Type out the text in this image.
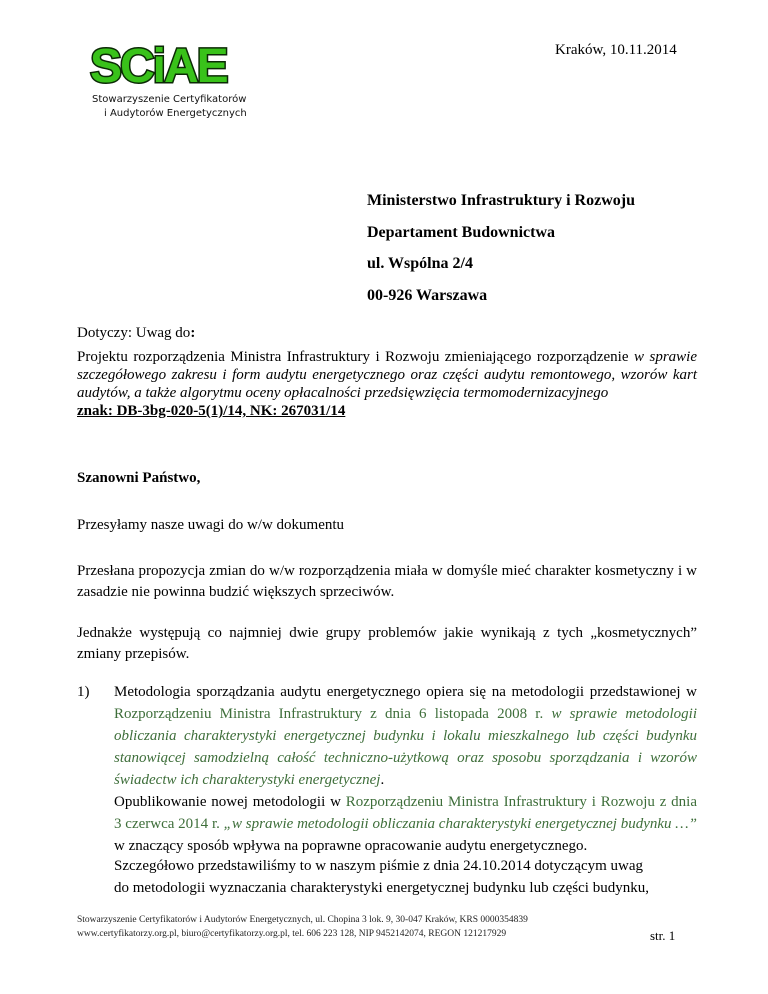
SCiAE
Stowarzyszenie Certyfikatorów
i Audytorów Energetycznych
Kraków, 10.11.2014
Ministerstwo Infrastruktury i Rozwoju
Departament Budownictwa
ul. Wspólna 2/4
00-926 Warszawa
Dotyczy: Uwag do:
Projektu rozporządzenia Ministra Infrastruktury i Rozwoju zmieniającego rozporządzenie w sprawie szczegółowego zakresu i form audytu energetycznego oraz części audytu remontowego, wzorów kart audytów, a także algorytmu oceny opłacalności przedsięwzięcia termomodernizacyjnego
znak: DB-3bg-020-5(1)/14, NK: 267031/14
Szanowni Państwo,
Przesyłamy nasze uwagi do w/w dokumentu
Przesłana propozycja zmian do w/w rozporządzenia miała w domyśle mieć charakter kosmetyczny i w zasadzie nie powinna budzić większych sprzeciwów.
Jednakże występują co najmniej dwie grupy problemów jakie wynikają z tych „kosmetycznych” zmiany przepisów.
1) Metodologia sporządzania audytu energetycznego opiera się na metodologii przedstawionej w Rozporządzeniu Ministra Infrastruktury z dnia 6 listopada 2008 r. w sprawie metodologii obliczania charakterystyki energetycznej budynku i lokalu mieszkalnego lub części budynku stanowiącej samodzielną całość techniczno-użytkową oraz sposobu sporządzania i wzorów świadectw ich charakterystyki energetycznej.
Opublikowanie nowej metodologii w Rozporządzeniu Ministra Infrastruktury i Rozwoju z dnia 3 czerwca 2014 r. „w sprawie metodologii obliczania charakterystyki energetycznej budynku …” w znaczący sposób wpływa na poprawne opracowanie audytu energetycznego.
Szczegółowo przedstawiliśmy to w naszym piśmie z dnia 24.10.2014 dotyczącym uwag
do metodologii wyznaczania charakterystyki energetycznej budynku lub części budynku,
Stowarzyszenie Certyfikatorów i Audytorów Energetycznych, ul. Chopina 3 lok. 9, 30-047 Kraków, KRS 0000354839
www.certyfikatorzy.org.pl, biuro@certyfikatorzy.org.pl, tel. 606 223 128, NIP 9452142074, REGON 121217929	str. 1
